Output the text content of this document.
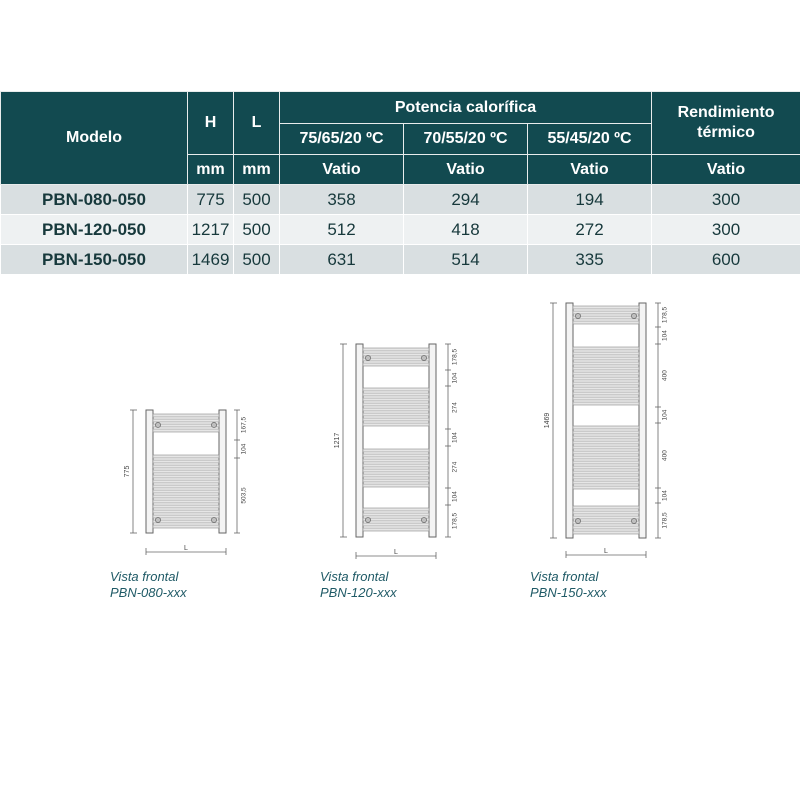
Modelo	H	L	Potencia calorífica			Rendimiento térmico
			75/65/20 ºC	70/55/20 ºC	55/45/20 ºC	
	mm	mm	Vatio	Vatio	Vatio	Vatio
PBN-080-050	775	500	358	294	194	300
PBN-120-050	1217	500	512	418	272	300
PBN-150-050	1469	500	631	514	335	600
775
L
167,5
104
503,5
1217
L
178,5
104
274
104
274
104
178,5
1469
L
178,5
104
400
104
400
104
178,5
Vista frontal
PBN-080-xxx
Vista frontal
PBN-120-xxx
Vista frontal
PBN-150-xxx
